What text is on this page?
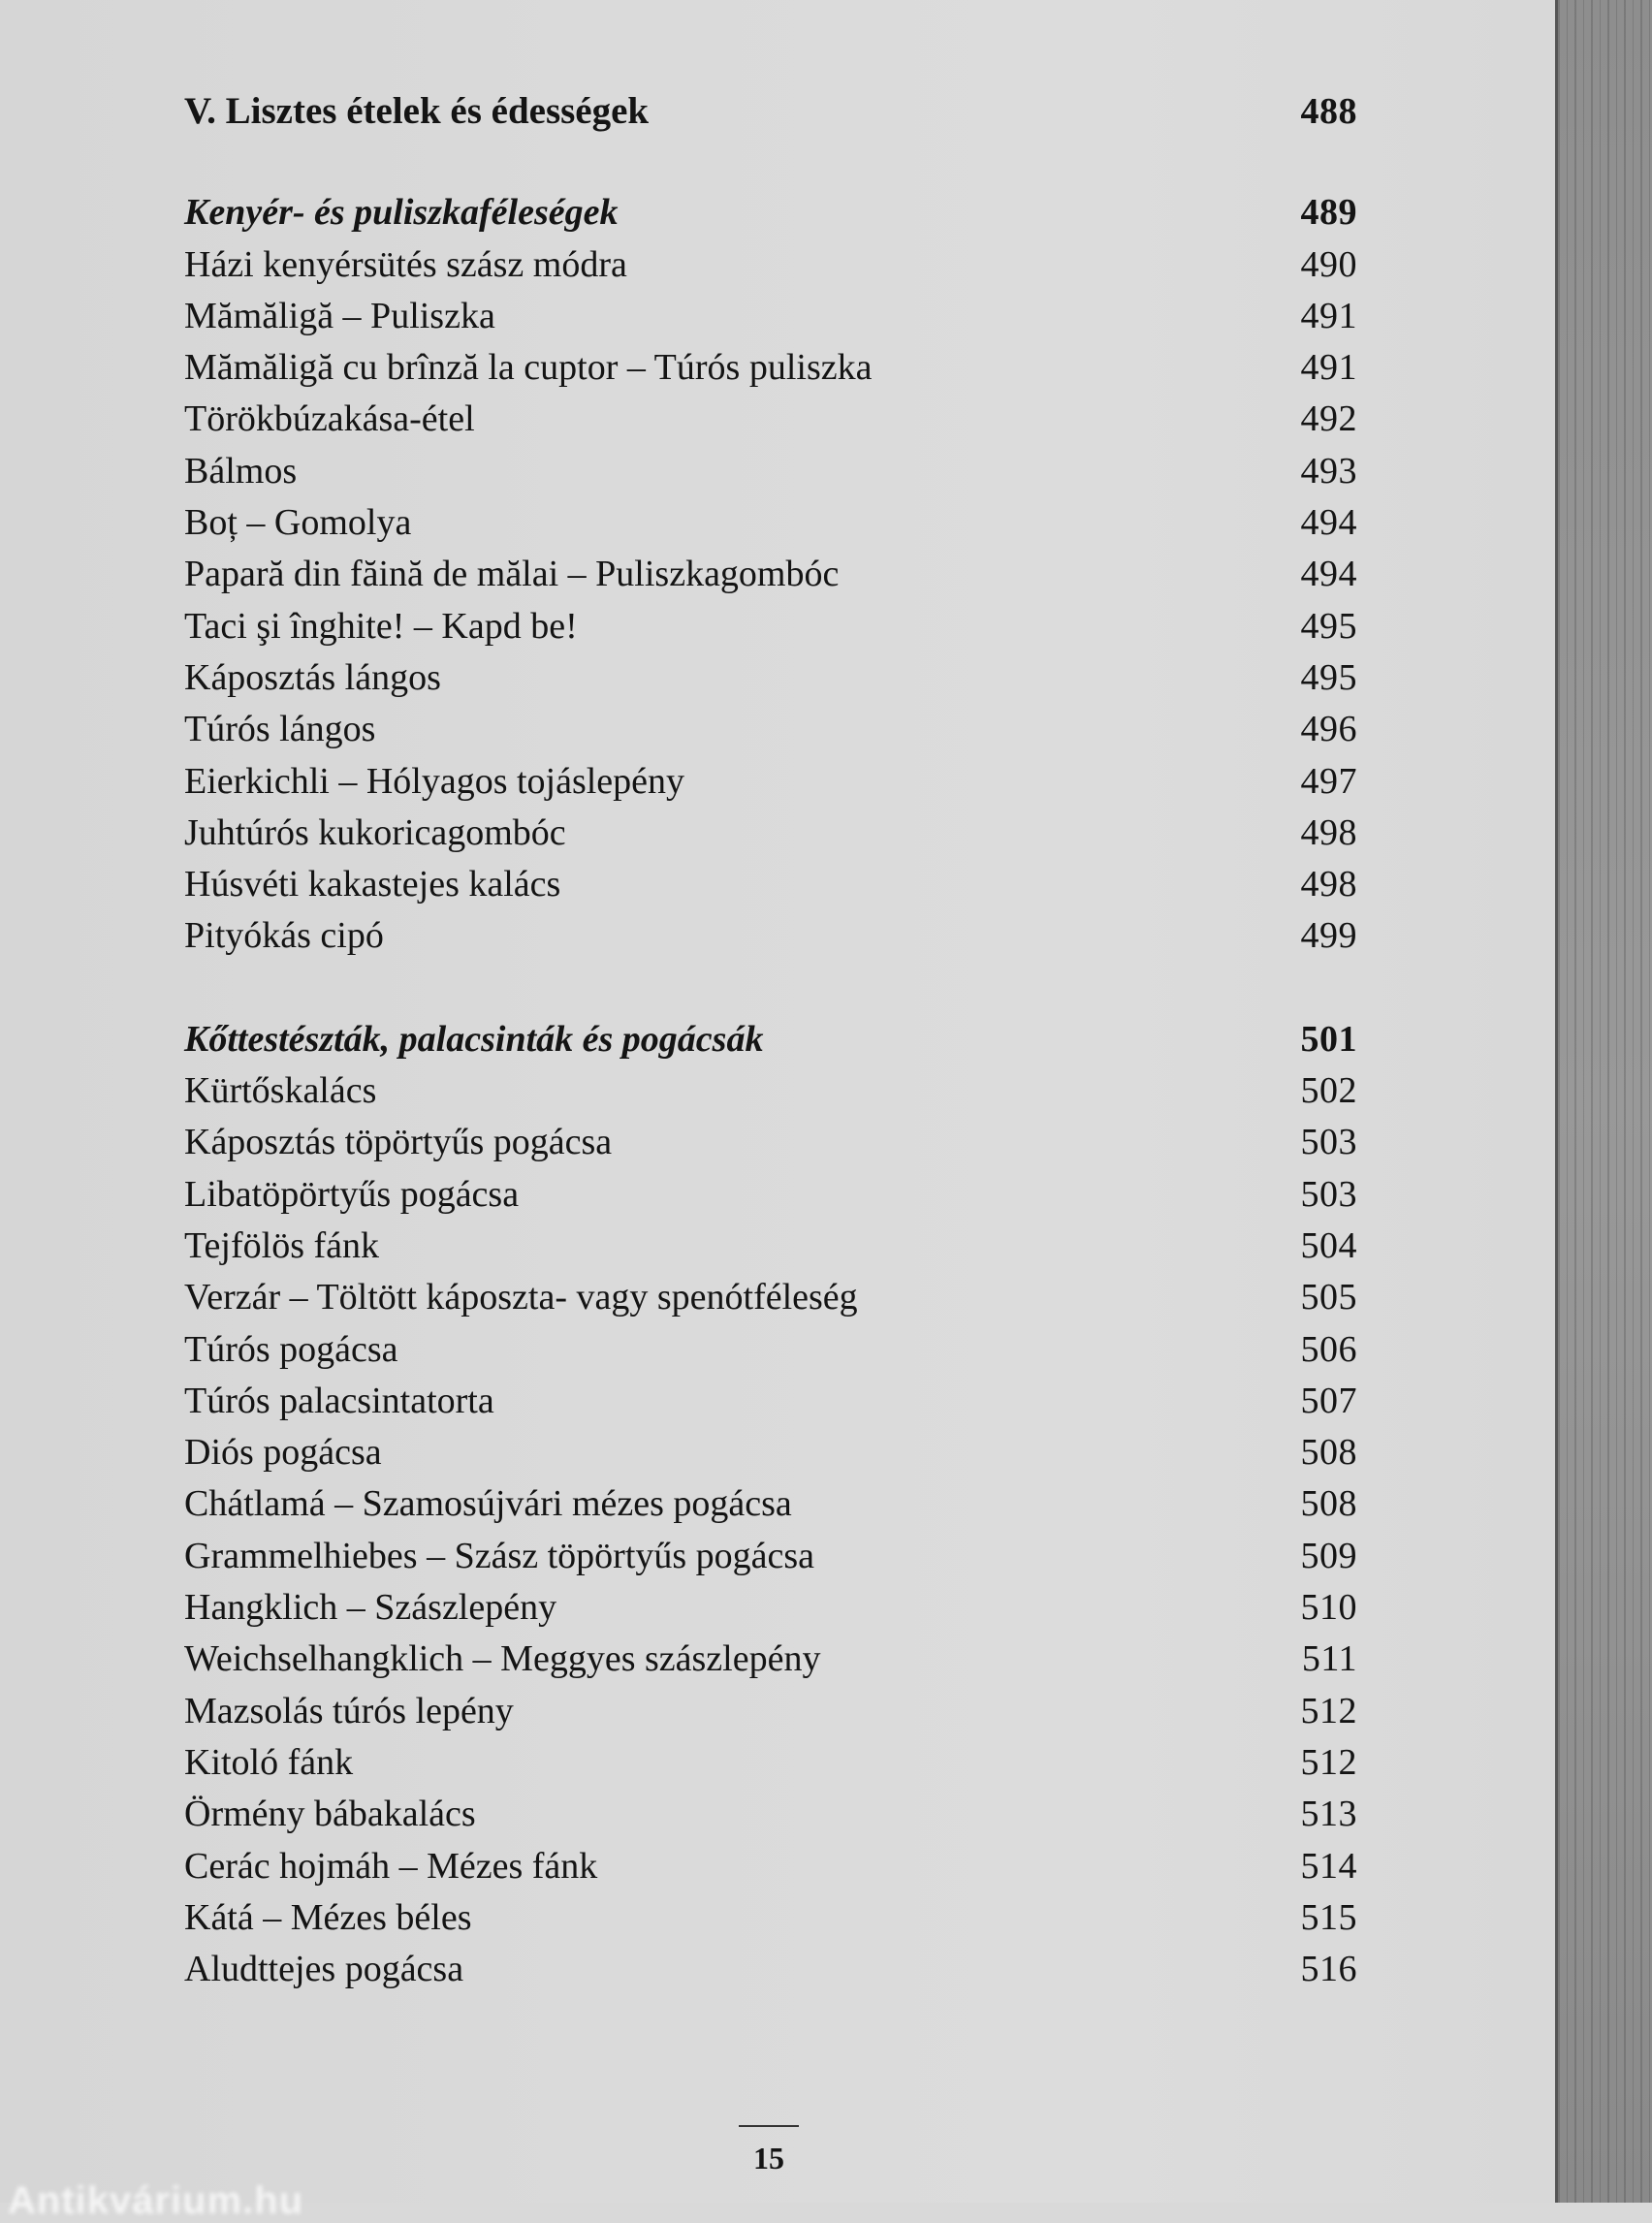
V. Lisztes ételek és édességek	488
Kenyér- és puliszkaféleségek	489
Házi kenyérsütés szász módra	490
Mămăligă – Puliszka	491
Mămăligă cu brînză la cuptor – Túrós puliszka	491
Törökbúzakása-étel	492
Bálmos	493
Boț – Gomolya	494
Papară din făină de mălai – Puliszkagombóc	494
Taci şi înghite! – Kapd be!	495
Káposztás lángos	495
Túrós lángos	496
Eierkichli – Hólyagos tojáslepény	497
Juhtúrós kukoricagombóc	498
Húsvéti kakastejes kalács	498
Pityókás cipó	499
Kőttestészták, palacsinták és pogácsák	501
Kürtőskalács	502
Káposztás töpörtyűs pogácsa	503
Libatöpörtyűs pogácsa	503
Tejfölös fánk	504
Verzár – Töltött káposzta- vagy spenótféleség	505
Túrós pogácsa	506
Túrós palacsintatorta	507
Diós pogácsa	508
Chátlamá – Szamosújvári mézes pogácsa	508
Grammelhiebes – Szász töpörtyűs pogácsa	509
Hangklich – Szászlepény	510
Weichselhangklich – Meggyes szászlepény	511
Mazsolás túrós lepény	512
Kitoló fánk	512
Örmény bábakalács	513
Cerác hojmáh – Mézes fánk	514
Kátá – Mézes béles	515
Aludttejes pogácsa	516
15
Antikvárium.hu
